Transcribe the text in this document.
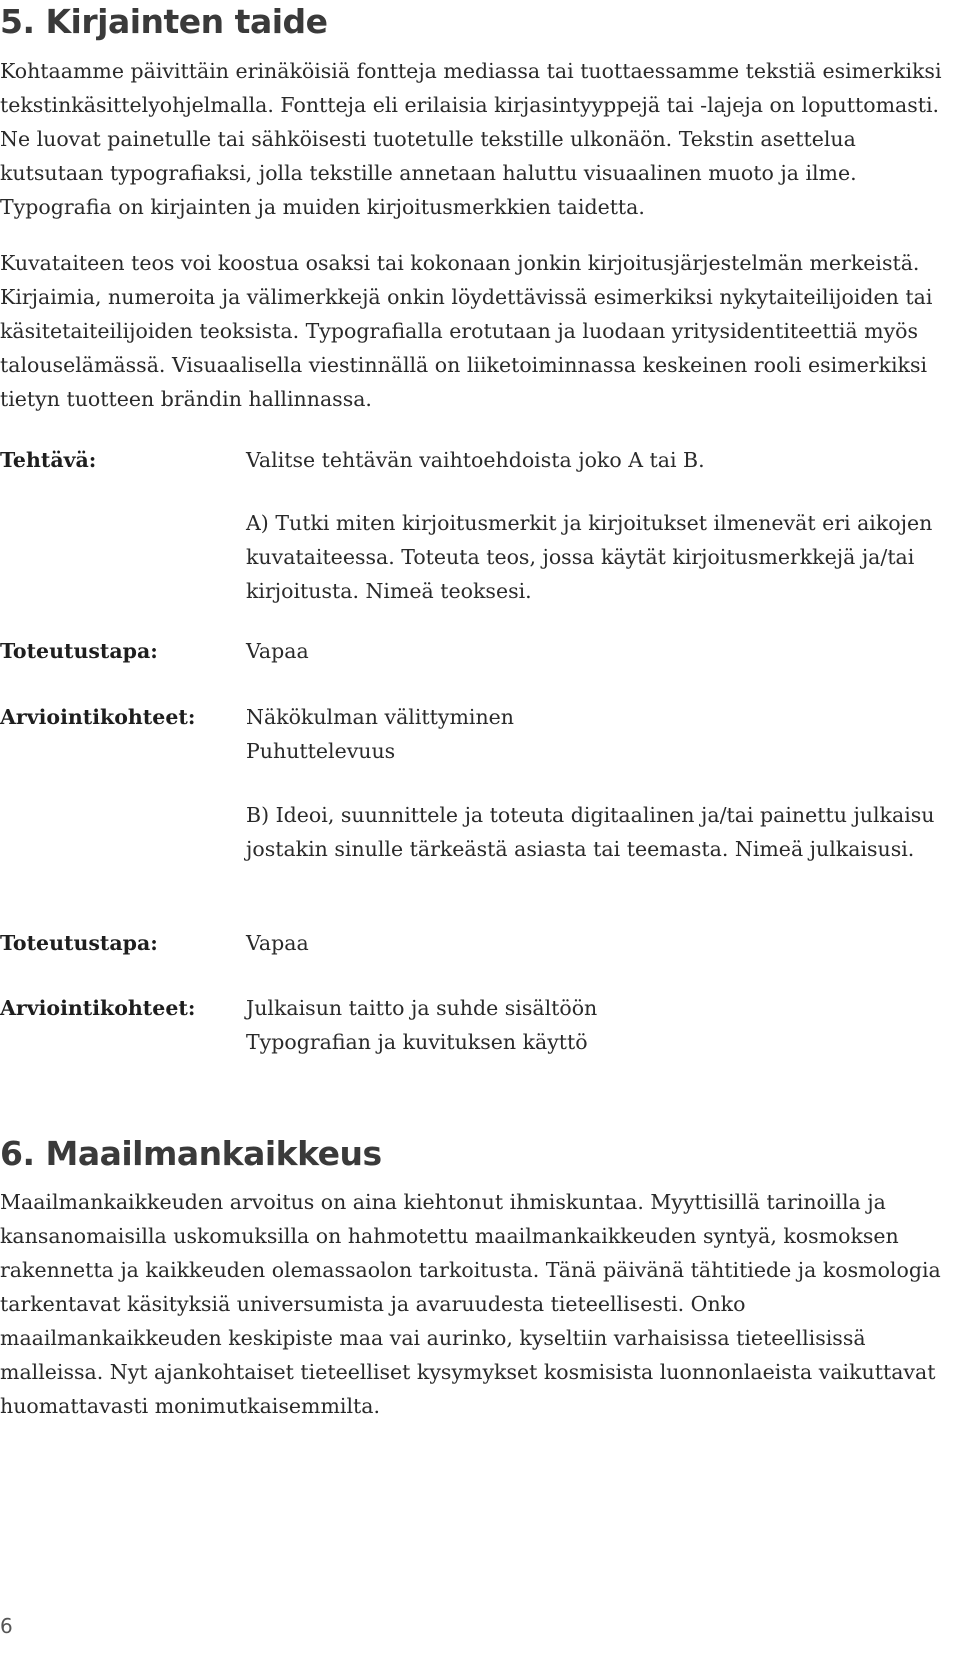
5. Kirjainten taide

Kohtaamme päivittäin erinäköisiä fontteja mediassa tai tuottaessamme tekstiä esimerkiksi tekstinkäsittelyohjelmalla. Fontteja eli erilaisia kirjasintyyppejä tai -lajeja on loputtomasti. Ne luovat painetulle tai sähköisesti tuotetulle tekstille ulkonäön. Tekstin asettelua kutsutaan typografiaksi, jolla tekstille annetaan haluttu visuaalinen muoto ja ilme. Typografia on kirjainten ja muiden kirjoitusmerkkien taidetta.

Kuvataiteen teos voi koostua osaksi tai kokonaan jonkin kirjoitusjärjestelmän merkeistä. Kirjaimia, numeroita ja välimerkkejä onkin löydettävissä esimerkiksi nykytaiteilijoiden tai käsitetaiteilijoiden teoksista. Typografialla erotutaan ja luodaan yritysidentiteettiä myös talouselämässä. Visuaalisella viestinnällä on liiketoiminnassa keskeinen rooli esimerkiksi tietyn tuotteen brändin hallinnassa.

Tehtävä:	Valitse tehtävän vaihtoehdoista joko A tai B.

A) Tutki miten kirjoitusmerkit ja kirjoitukset ilmenevät eri aikojen kuvataiteessa. Toteuta teos, jossa käytät kirjoitusmerkkejä ja/tai kirjoitusta. Nimeä teoksesi.

Toteutustapa:	Vapaa
Arviointikohteet: Näkökulman välittyminen
Puhuttelevuus

B) Ideoi, suunnittele ja toteuta digitaalinen ja/tai painettu julkaisu jostakin sinulle tärkeästä asiasta tai teemasta. Nimeä julkaisusi.

Toteutustapa:	Vapaa
Arviointikohteet: Julkaisun taitto ja suhde sisältöön
Typografian ja kuvituksen käyttö
6. Maailmankaikkeus

Maailmankaikkeuden arvoitus on aina kiehtonut ihmiskuntaa. Myyttisillä tarinoilla ja kansanomaisilla uskomuksilla on hahmotettu maailmankaikkeuden syntyä, kosmoksen rakennetta ja kaikkeuden olemassaolon tarkoitusta. Tänä päivänä tähtitiede ja kosmologia tarkentavat käsityksiä universumista ja avaruudesta tieteellisesti. Onko maailmankaikkeuden keskipiste maa vai aurinko, kyseltiin varhaisissa tieteellisissä malleissa. Nyt ajankohtaiset tieteelliset kysymykset kosmisista luonnonlaeista vaikuttavat huomattavasti monimutkaisemmilta.

6
